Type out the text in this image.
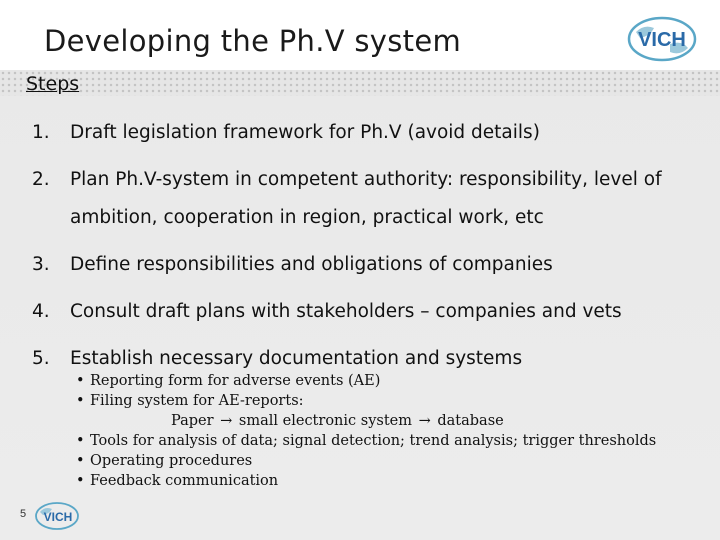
Developing the Ph.V system	VICH
Steps
1. Draft legislation framework for Ph.V (avoid details)
2. Plan Ph.V-system in competent authority: responsibility, level of
ambition, cooperation in region, practical work, etc
3. Define responsibilities and obligations of companies
4. Consult draft plans with stakeholders – companies and vets
5. Establish necessary documentation and systems
• Reporting form for adverse events (AE)
• Filing system for AE-reports:
Paper → small electronic system → database
• Tools for analysis of data; signal detection; trend analysis; trigger thresholds
• Operating procedures
• Feedback communication
5 VICH
